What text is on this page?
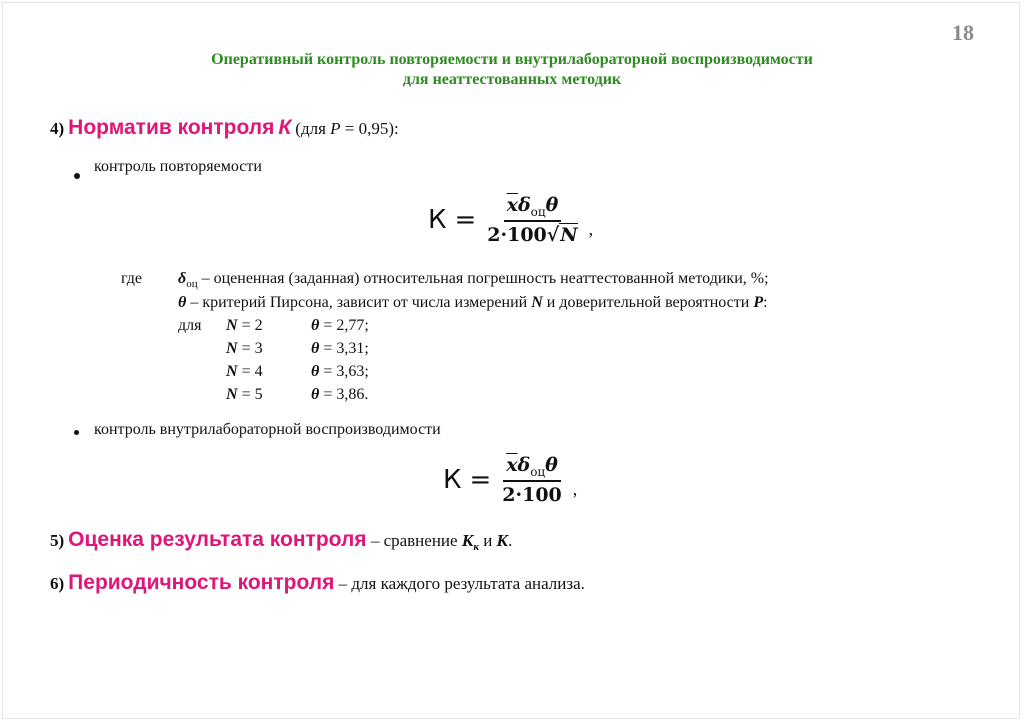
18
Оперативный контроль повторяемости и внутрилабораторной воспроизводимости
для неаттестованных методик
4) Норматив контроля К (для Р = 0,95):
контроль повторяемости
$К = \frac{\overline{x}\delta_{оц}\theta}{2\cdot 100√N}$ ,
где $\delta_{оц}$ – оцененная (заданная) относительная погрешность неаттестованной методики, %;
θ – критерий Пирсона, зависит от числа измерений N и доверительной вероятности Р:
для N = 2	θ = 2,77;
N = 3	θ = 3,31;
N = 4	θ = 3,63;
N = 5	θ = 3,86.
контроль внутрилабораторной воспроизводимости
$К = \frac{\overline{x}\delta_{оц}\theta}{2\cdot 100}$ ,
5) Оценка результата контроля – сравнение $К_к$ и К.
6) Периодичность контроля – для каждого результата анализа.
